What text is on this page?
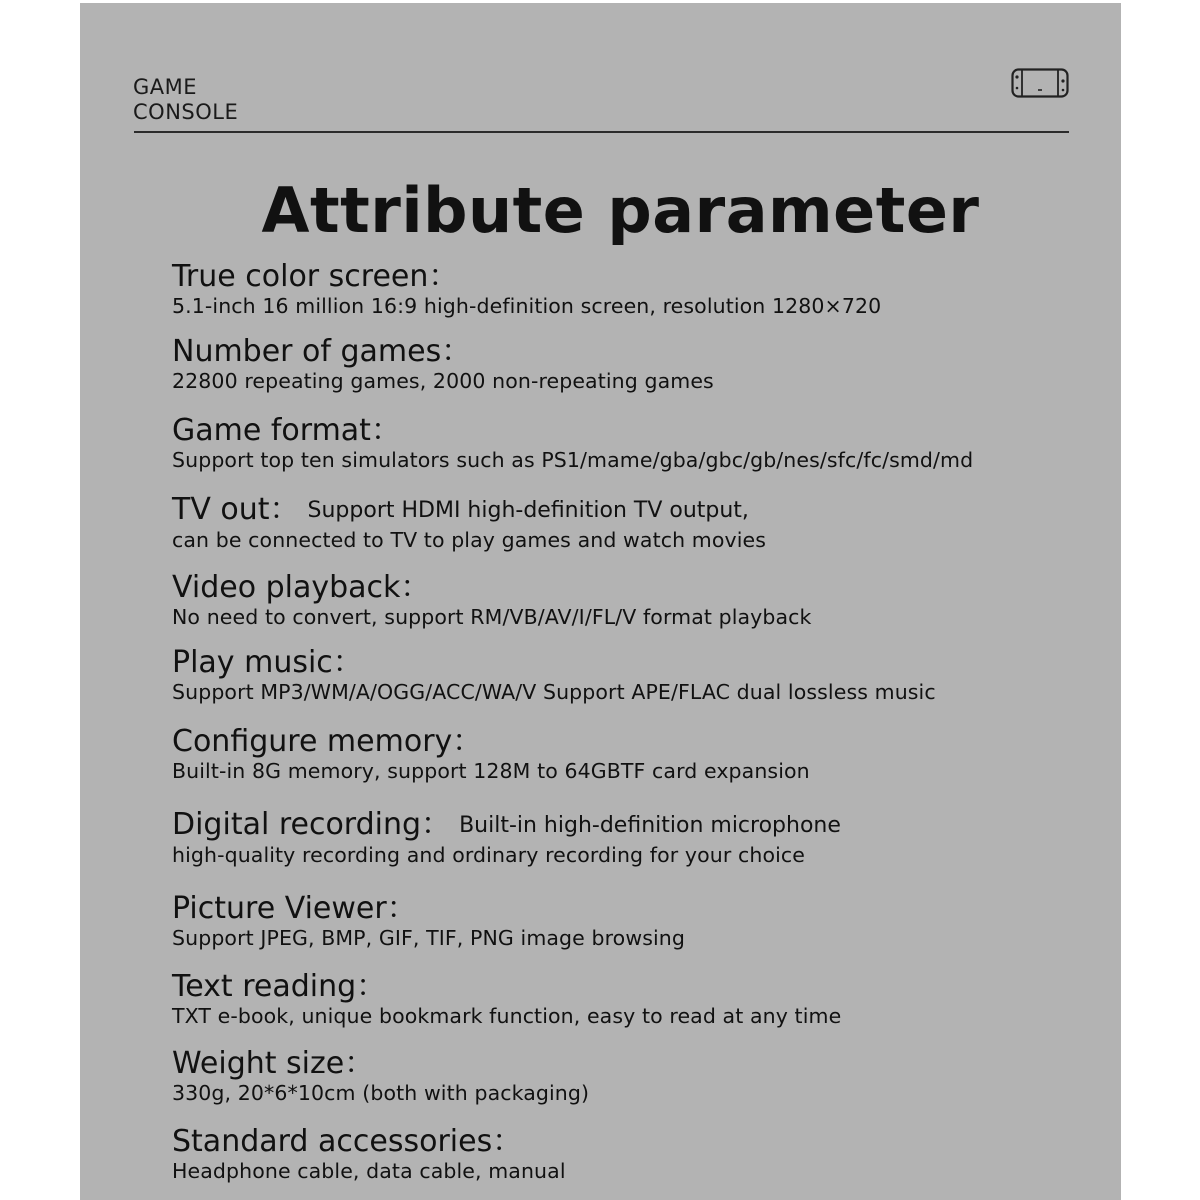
GAME
CONSOLE
Attribute parameter
True color screen：
5.1-inch 16 million 16:9 high-definition screen, resolution 1280×720
Number of games：
22800 repeating games, 2000 non-repeating games
Game format：
Support top ten simulators such as PS1/mame/gba/gbc/gb/nes/sfc/fc/smd/md
TV out： Support HDMI high-definition TV output,
can be connected to TV to play games and watch movies
Video playback：
No need to convert, support RM/VB/AV/I/FL/V format playback
Play music：
Support MP3/WM/A/OGG/ACC/WA/V Support APE/FLAC dual lossless music
Configure memory：
Built-in 8G memory, support 128M to 64GBTF card expansion
Digital recording： Built-in high-definition microphone
high-quality recording and ordinary recording for your choice
Picture Viewer：
Support JPEG, BMP, GIF, TIF, PNG image browsing
Text reading：
TXT e-book, unique bookmark function, easy to read at any time
Weight size：
330g, 20*6*10cm (both with packaging)
Standard accessories：
Headphone cable, data cable, manual
